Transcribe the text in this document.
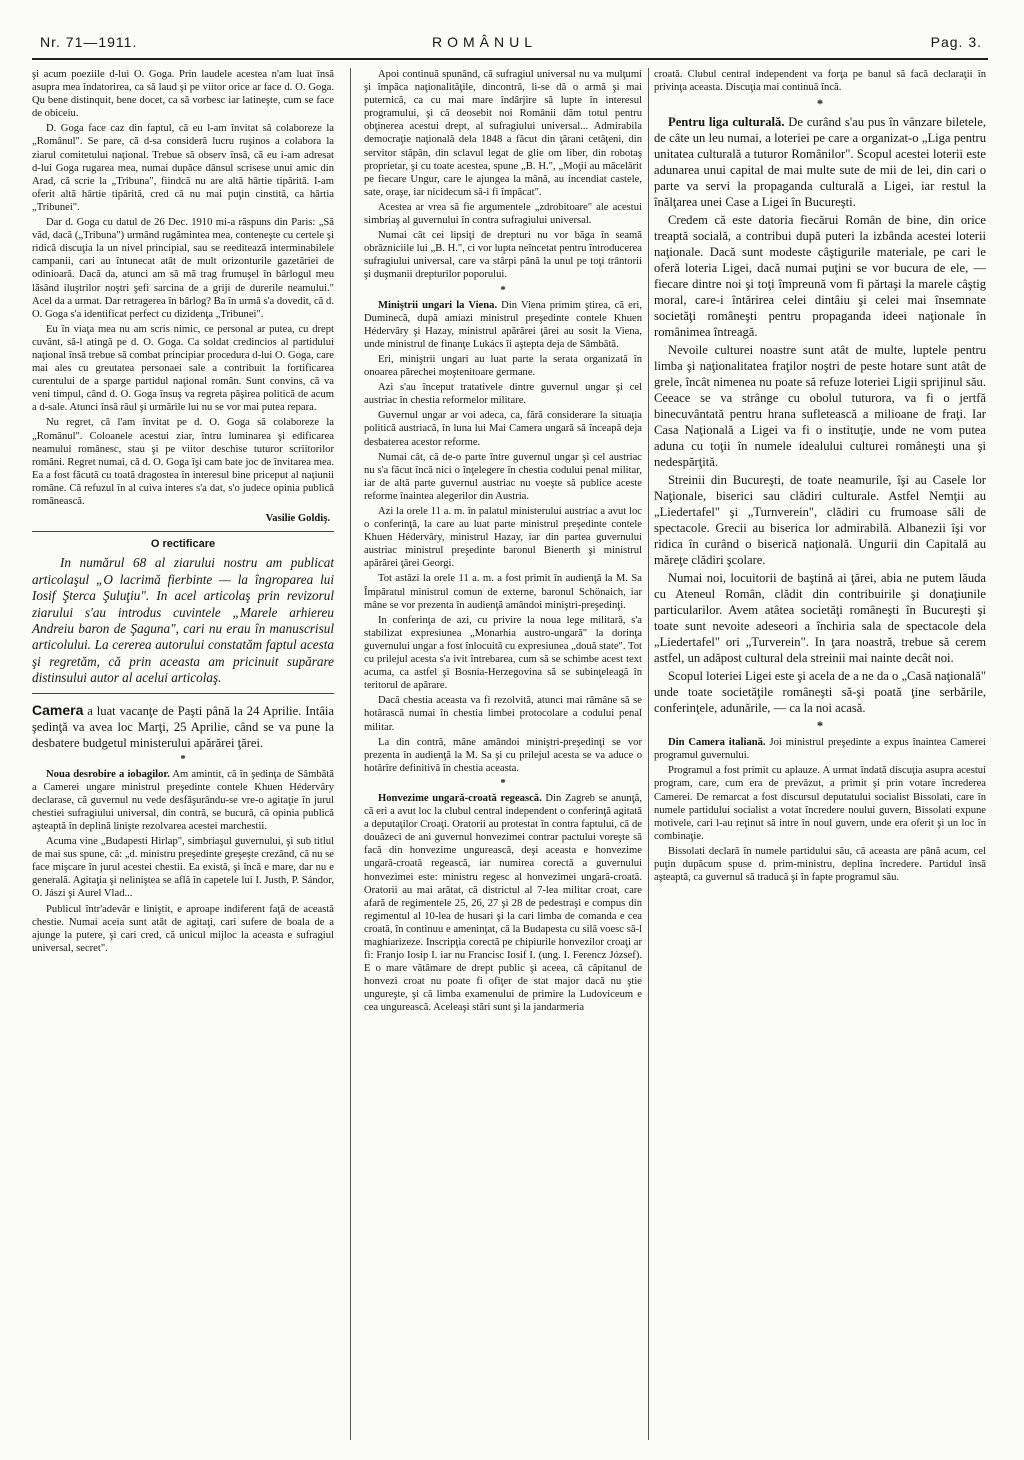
Nr. 71—1911.	ROMÂNUL	Pag. 3.

şi acum poeziile d-lui O. Goga. Prin laudele acestea n'am luat însă asupra mea îndatorirea, ca să laud şi pe viitor orice ar face d. O. Goga. Qu bene distinquit, bene docet, ca să vorbesc iar latineşte, cum se face de obiceiu.

D. Goga face caz din faptul, că eu l-am învitat să colaboreze la „Românul". Se pare, că d-sa consideră lucru ruşinos a colabora la ziarul comitetului naţional. Trebue să observ însă, că eu i-am adresat d-lui Goga rugarea mea, numai dupăce dânsul scrisese unui amic din Arad, că scrie la „Tribuna", fiindcă nu are altă hârtie tipărită. I-am oferit altă hârtie tipărită, cred că nu mai puţin cinstită, ca hârtia „Tribunei".

Dar d. Goga cu datul de 26 Dec. 1910 mi-a răspuns din Paris: „Să văd, dacă („Tribuna") urmând rugămintea mea, conteneşte cu certele şi ridică discuţia la un nivel principial, sau se reeditează interminabilele campanii, cari au întunecat atât de mult orizonturile gazetăriei de odinioară. Dacă da, atunci am să mă trag frumuşel în bârlogul meu lăsând iluştrilor noştri şefi sarcina de a griji de durerile neamului." Acel da a urmat. Dar retragerea în bârlog? Ba în urmă s'a dovedit, că d. O. Goga s'a identificat perfect cu dizidenţa „Tribunei".

Eu în viaţa mea nu am scris nimic, ce personal ar putea, cu drept cuvânt, să-l atingă pe d. O. Goga. Ca soldat credincios al partidului naţional însă trebue să combat principiar procedura d-lui O. Goga, care mai ales cu greutatea personaei sale a contribuit la fortificarea curentului de a sparge partidul naţional român. Sunt convins, că va veni timpul, când d. O. Goga însuş va regreta păşirea politică de acum a d-sale. Atunci însă răul şi urmările lui nu se vor mai putea repara.

Nu regret, că l'am învitat pe d. O. Goga să colaboreze la „Românul". Coloanele acestui ziar, întru luminarea şi edificarea neamului românesc, stau şi pe viitor deschise tuturor scriitorilor români. Regret numai, că d. O. Goga îşi cam bate joc de învitarea mea. Ea a fost făcută cu toată dragostea în interesul bine priceput al naţiunii române. Că refuzul în al cuiva interes s'a dat, s'o judece opinia publică românească.

Vasilie Goldiş.
O rectificare

In numărul 68 al ziarului nostru am publicat articolaşul „O lacrimă fierbinte — la îngroparea lui Iosif Şterca Şuluţiu". In acel articolaş prin revizorul ziarului s'au introdus cuvintele „Marele arhiereu Andreiu baron de Şaguna", cari nu erau în manuscrisul articolului. La cererea autorului constatăm faptul acesta şi regretăm, că prin aceasta am pricinuit supărare distinsului autor al acelui articolaş.

Camera a luat vacanţe de Paşti până la 24 Aprilie. Intâia şedinţă va avea loc Marţi, 25 Aprilie, când se va pune la desbatere budgetul ministerului apărărei ţărei.
*

Noua desrobire a iobagilor. Am amintit, că în şedinţa de Sâmbătă a Camerei ungare ministrul preşedinte contele Khuen Hédervâry declarase, că guvernul nu vede desfăşurându-se vre-o agitaţie în jurul chestiei sufragiului universal, din contră, se bucură, că opinia publică aşteaptă în deplină linişte rezolvarea acestei marchestii.

Acuma vine „Budapesti Hirlap", simbriaşul guvernului, şi sub titlul de mai sus spune, că: „d. ministru preşedinte greşeşte crezând, că nu se face mişcare în jurul acestei chestii. Ea există, şi încă e mare, dar nu e generală. Agitaţia şi neliniştea se află în capetele lui I. Justh, P. Sándor, O. Jászi şi Aurel Vlad...

Publicul într'adevăr e liniştit, e aproape indiferent faţă de această chestie. Numai aceia sunt atât de agitaţi, cari sufere de boala de a ajunge la putere, şi cari cred, că unicul mijloc la aceasta e sufragiul universal, secret".

Apoi continuă spunând, că sufragiul universal nu va mulţumi şi împăca naţionalităţile, dincontră, li-se dă o armă şi mai puternică, ca cu mai mare îndârjire să lupte în interesul programului, şi că deosebit noi Românii dăm totul pentru obţinerea acestui drept, al sufragiului universal... Admirabila democraţie naţională dela 1848 a făcut din ţărani cetăţeni, din servitor stăpân, din sclavul legat de glie om liber, din robotaş proprietar, şi cu toate acestea, spune „B. H.", „Moţii au măcelărit pe fiecare Ungur, care le ajungea la mână, au incendiat castele, sate, oraşe, iar nicidecum să-i fi împăcat".

Acestea ar vrea să fie argumentele „zdrobitoare" ale acestui simbriaş al guvernului în contra sufragiului universal.

Numai cât cei lipsiţi de drepturi nu vor băga în seamă obrăzniciile lui „B. H.", ci vor lupta neîncetat pentru întroducerea sufragiului universal, care va stârpi până la unul pe toţi trântorii şi duşmanii drepturilor poporului.

*

Miniştrii ungari la Viena. Din Viena primim ştirea, că eri, Duminecă, după amiazi ministrul preşedinte contele Khuen Hédervâry şi Hazay, ministrul apărărei ţărei au sosit la Viena, unde ministrul de finanţe Lukács îi aştepta deja de Sâmbătă.

Eri, miniştrii ungari au luat parte la serata organizată în onoarea părechei moştenitoare germane.

Azi s'au început tratativele dintre guvernul ungar şi cel austriac în chestia reformelor militare.

Guvernul ungar ar voi adeca, ca, fără considerare la situaţia politică austriacă, în luna lui Mai Camera ungară să înceapă deja desbaterea acestor reforme.

Numai cât, că de-o parte între guvernul ungar şi cel austriac nu s'a făcut încă nici o înţelegere în chestia codului penal militar, iar de altă parte guvernul austriac nu voeşte să publice aceste reforme înaintea alegerilor din Austria.

Azi la orele 11 a. m. în palatul ministerului austriac a avut loc o conferinţă, la care au luat parte ministrul preşedinte contele Khuen Hédervâry, ministrul Hazay, iar din partea guvernului austriac ministrul preşedinte baronul Bienerth şi ministrul apărărei ţărei Georgi.

Tot astăzi la orele 11 a. m. a fost primit în audienţă la M. Sa Împăratul ministrul comun de externe, baronul Schönaich, iar mâne se vor prezenta în audienţă amândoi miniştri-preşedinţi.

In conferinţa de azi, cu privire la noua lege militară, s'a stabilizat expresiunea „Monarhia austro-ungară" la dorinţa guvernului ungar a fost înlocuită cu expresiunea „două state". Tot cu prilejul acesta s'a ivit întrebarea, cum să se schimbe acest text acuma, ca astfel şi Bosnia-Herzegovina să se subinţeleagă în teritorul de apărare.

Dacă chestia aceasta va fi rezolvită, atunci mai rămâne să se hotărască numai în chestia limbei protocolare a codului penal militar.

La din contră, mâne amândoi miniştri-preşedinţi se vor prezenta în audienţă la M. Sa şi cu prilejul acesta se va aduce o hotărîre definitivă în chestia aceasta.

*

Honvezime ungară-croată regească. Din Zagreb se anunţă, că eri a avut loc la clubul central independent o conferinţă agitată a deputaţilor Croaţi. Oratorii au protestat în contra faptului, că de douăzeci de ani guvernul honvezimei contrar pactului voreşte să facă din honvezime ungurească, deşi aceasta e honvezime ungară-croată regească, iar numirea corectă a guvernului honvezimei este: ministru regesc al honvezimei ungară-croată. Oratorii au mai arătat, că districtul al 7-lea militar croat, care afară de regimentele 25, 26, 27 şi 28 de pedestraşi e compus din regimentul al 10-lea de husari şi la cari limba de comanda e cea croată, în continuu e ameninţat, că la Budapesta cu silă voesc să-l maghiarizeze. Inscripţia corectă pe chipiurile honvezilor croaţi ar fi: Franjo Iosip I. iar nu Francisc Iosif I. (ung. I. Ferencz József). E o mare vătămare de drept public şi aceea, că căpitanul de honvezi croat nu poate fi ofiţer de stat major dacă nu ştie ungureşte, şi că limba examenului de primire la Ludoviceum e cea ungurească. Aceleaşi stări sunt şi la jandarmeria

croată. Clubul central independent va forţa pe banul să facă declaraţii în privinţa aceasta. Discuţia mai continuă încă.

*

Pentru liga culturală. De curând s'au pus în vânzare biletele, de câte un leu numai, a loteriei pe care a organizat-o „Liga pentru unitatea culturală a tuturor Românilor". Scopul acestei loterii este adunarea unui capital de mai multe sute de mii de lei, din cari o parte va servi la propaganda culturală a Ligei, iar restul la înălţarea unei Case a Ligei în Bucureşti.

Credem că este datoria fiecărui Român de bine, din orice treaptă socială, a contribui după puteri la izbânda acestei loterii naţionale. Dacă sunt modeste câştigurile materiale, pe cari le oferă loteria Ligei, dacă numai puţini se vor bucura de ele, — fiecare dintre noi şi toţi împreună vom fi părtaşi la marele câştig moral, care-i întărirea celei dintâiu şi celei mai însemnate societăţi româneşti pentru propaganda ideei naţionale în românimea întreagă.

Nevoile culturei noastre sunt atât de multe, luptele pentru limba şi naţionalitatea fraţilor noştri de peste hotare sunt atât de grele, încât nimenea nu poate să refuze loteriei Ligii sprijinul său. Ceeace se va strânge cu obolul tuturora, va fi o jertfă binecuvântată pentru hrana sufletească a milioane de fraţi. Iar Casa Naţională a Ligei va fi o instituţie, unde ne vom putea aduna cu toţii în numele idealului culturei româneşti una şi nedespărţită.

Streinii din Bucureşti, de toate neamurile, îşi au Casele lor Naţionale, biserici sau clădiri culturale. Astfel Nemţii au „Liedertafel" şi „Turnverein", clădiri cu frumoase săli de spectacole. Grecii au biserica lor admirabilă. Albanezii îşi vor ridica în curând o biserică naţională. Ungurii din Capitală au măreţe clădiri şcolare.

Numai noi, locuitorii de baştină ai ţărei, abia ne putem lăuda cu Ateneul Român, clădit din contribuirile şi donaţiunile particularilor. Avem atâtea societăţi româneşti în Bucureşti şi toate sunt nevoite adeseori a închiria sala de spectacole dela „Liedertafel" ori „Turverein". In ţara noastră, trebue să cerem astfel, un adăpost cultural dela streinii mai nainte decât noi.

Scopul loteriei Ligei este şi acela de a ne da o „Casă naţională" unde toate societăţile româneşti să-şi poată ţine serbările, conferinţele, adunările, — ca la noi acasă.

*

Din Camera italiană. Joi ministrul preşedinte a expus înaintea Camerei programul guvernului.

Programul a fost primit cu aplauze. A urmat îndată discuţia asupra acestui program, care, cum era de prevăzut, a primit şi prin votare încrederea Camerei. De remarcat a fost discursul deputatului socialist Bissolati, care în numele partidului socialist a votat încredere noului guvern, Bissolati expune motivele, cari l-au reţinut să intre în noul guvern, unde era oferit şi un loc în combinaţie.

Bissolati declară în numele partidului său, că aceasta are până acum, cel puţin dupăcum spuse d. prim-ministru, deplina încredere. Partidul însă aşteaptă, ca guvernul să traducă şi în fapte programul său.
